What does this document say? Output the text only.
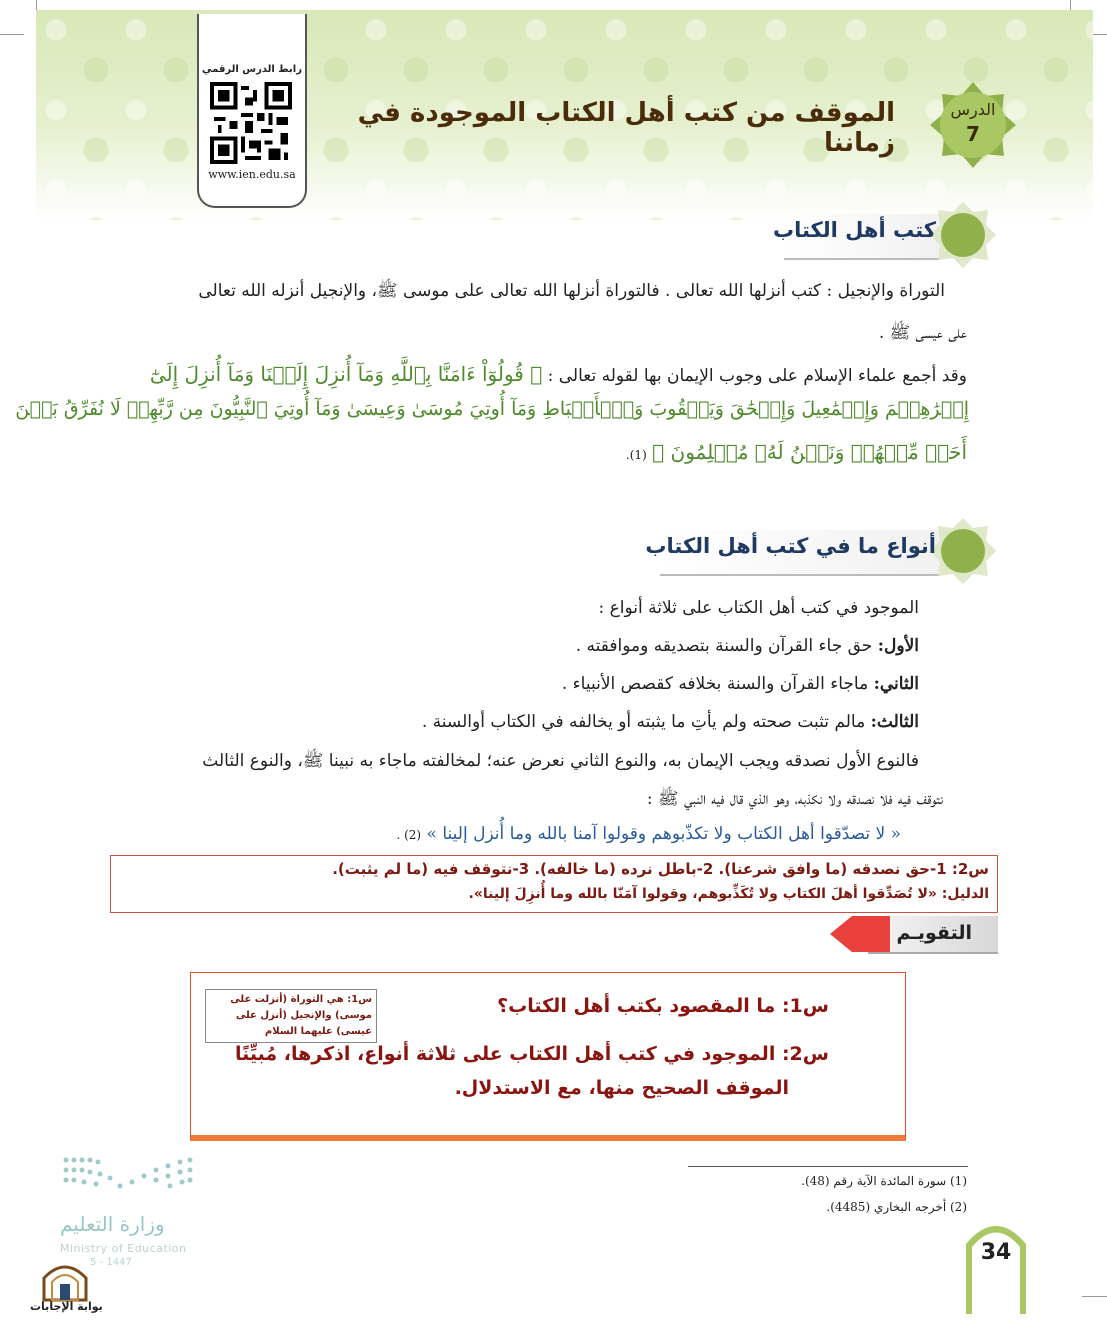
رابط الدرس الرقمي
www.ien.edu.sa
الدرس
7
الموقف من كتب أهل الكتاب الموجودة في زماننا
كتب أهل الكتاب
التوراة والإنجيل : كتب أنزلها الله تعالى . فالتوراة أنزلها الله تعالى على موسى ﷺ، والإنجيل أنزله الله تعالى
على عيسى ﷺ .
وقد أجمع علماء الإسلام على وجوب الإيمان بها لقوله تعالى : ﴿ قُولُوٓاْ ءَامَنَّا بِٱللَّهِ وَمَآ أُنزِلَ إِلَيۡنَا وَمَآ أُنزِلَ إِلَىٰٓ
إِبۡرَٰهِـۧمَ وَإِسۡمَٰعِيلَ وَإِسۡحَٰقَ وَيَعۡقُوبَ وَٱلۡأَسۡبَاطِ وَمَآ أُوتِيَ مُوسَىٰ وَعِيسَىٰ وَمَآ أُوتِيَ ٱلنَّبِيُّونَ مِن رَّبِّهِمۡ لَا نُفَرِّقُ بَيۡنَ
أَحَدٖ مِّنۡهُمۡ وَنَحۡنُ لَهُۥ مُسۡلِمُونَ ﴾ (1).
أنواع ما في كتب أهل الكتاب
الموجود في كتب أهل الكتاب على ثلاثة أنواع :
الأول: حق جاء القرآن والسنة بتصديقه وموافقته .
الثاني: ماجاء القرآن والسنة بخلافه كقصص الأنبياء .
الثالث: مالم تثبت صحته ولم يأتِ ما يثبته أو يخالفه في الكتاب أوالسنة .
فالنوع الأول نصدقه ويجب الإيمان به، والنوع الثاني نعرض عنه؛ لمخالفته ماجاء به نبينا ﷺ، والنوع الثالث
نتوقف فيه فلا نصدقه ولا نكذبه، وهو الذي قال فيه النبي ﷺ :
« لا تصدّقوا أهل الكتاب ولا تكذّبوهم وقولوا آمنا بالله وما أُنزل إلينا » (2) .
س2: 1-حق نصدقه (ما وافق شرعنا). 2-باطل نرده (ما خالفه). 3-نتوقف فيه (ما لم يثبت).
الدليل: «لا تُصَدِّقوا أهلَ الكتاب ولا تُكَذِّبوهم، وقولوا آمَنّا بالله وما أُنزِلَ إلينا».
التقويـم
س1: ما المقصود بكتب أهل الكتاب؟
س2: الموجود في كتب أهل الكتاب على ثلاثة أنواع، اذكرها، مُبيِّنًا
الموقف الصحيح منها، مع الاستدلال.
س1: هي التوراة (أنزلت على موسى) والإنجيل (أنزل على عيسى) عليهما السلام
(1) سورة المائدة الآية رقم (48).
(2) أخرجه البخاري (4485).
34
وزارة التعليم
Ministry of Education
5 - 1447
بوابة الإجابات
